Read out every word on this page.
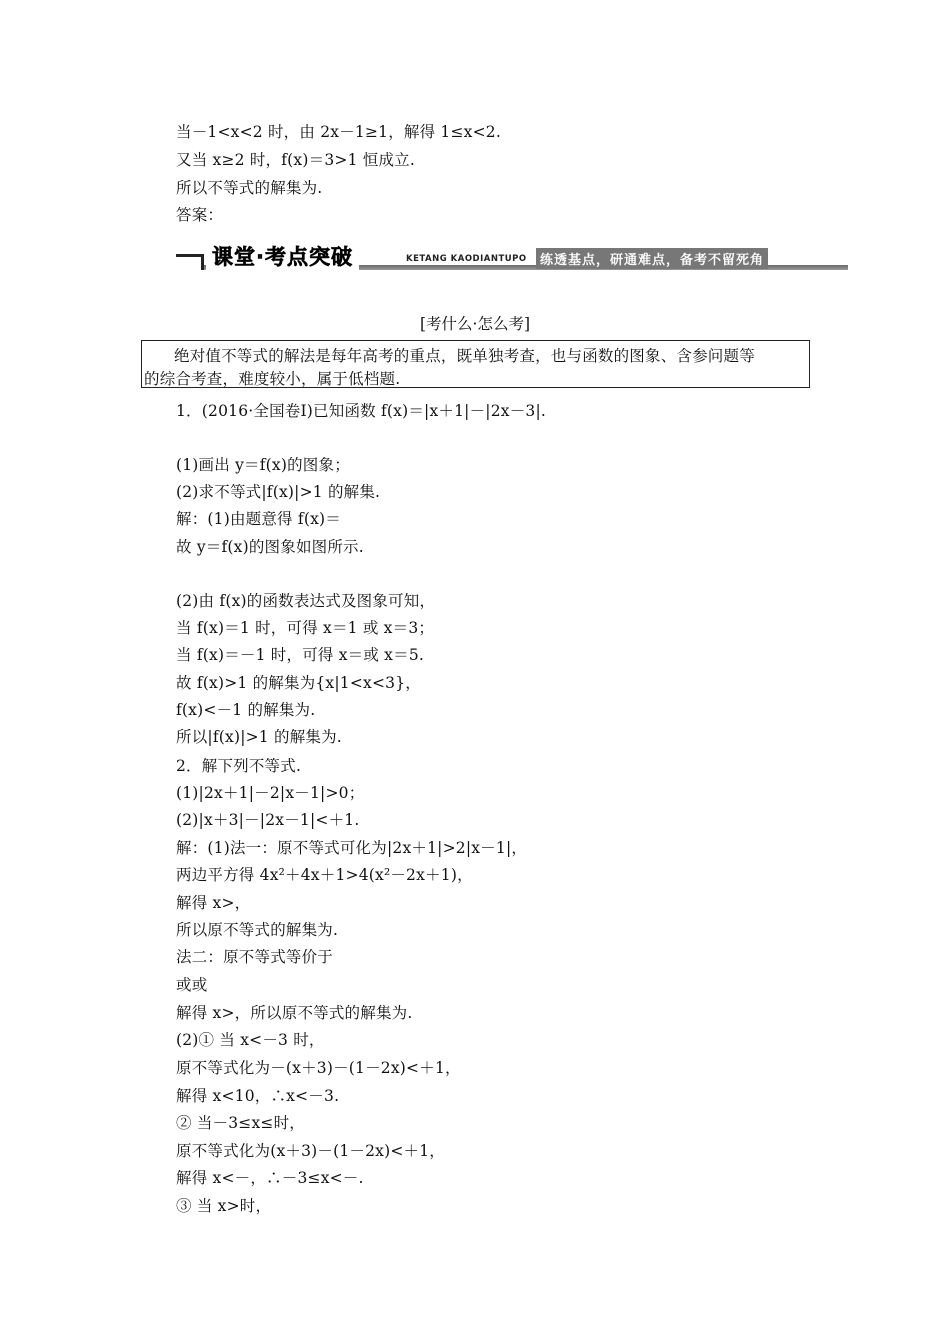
当－1<x<2 时，由 2x－1≥1，解得 1≤x<2.
又当 x≥2 时，f(x)＝3>1 恒成立.
所以不等式的解集为.
答案：
课堂·考点突破	KETANG KAODIANTUPO	练透基点，研通难点，备考不留死角
[考什么·怎么考]
绝对值不等式的解法是每年高考的重点，既单独考查，也与函数的图象、含参问题等
的综合考查，难度较小，属于低档题.
1．(2016·全国卷Ⅰ)已知函数 f(x)＝|x＋1|－|2x－3|.
(1)画出 y＝f(x)的图象；
(2)求不等式|f(x)|>1 的解集.
解：(1)由题意得 f(x)＝
故 y＝f(x)的图象如图所示.
(2)由 f(x)的函数表达式及图象可知，
当 f(x)＝1 时，可得 x＝1 或 x＝3；
当 f(x)＝－1 时，可得 x＝或 x＝5.
故 f(x)>1 的解集为{x|1<x<3}，
f(x)<－1 的解集为.
所以|f(x)|>1 的解集为.
2．解下列不等式.
(1)|2x＋1|－2|x－1|>0；
(2)|x＋3|－|2x－1|<＋1.
解：(1)法一：原不等式可化为|2x＋1|>2|x－1|，
两边平方得 4x²＋4x＋1>4(x²－2x＋1)，
解得 x>，
所以原不等式的解集为.
法二：原不等式等价于
或或
解得 x>，所以原不等式的解集为.
(2)① 当 x<－3 时，
原不等式化为－(x＋3)－(1－2x)<＋1，
解得 x<10，∴x<－3.
② 当－3≤x≤时，
原不等式化为(x＋3)－(1－2x)<＋1，
解得 x<－，∴－3≤x<－.
③ 当 x>时，
